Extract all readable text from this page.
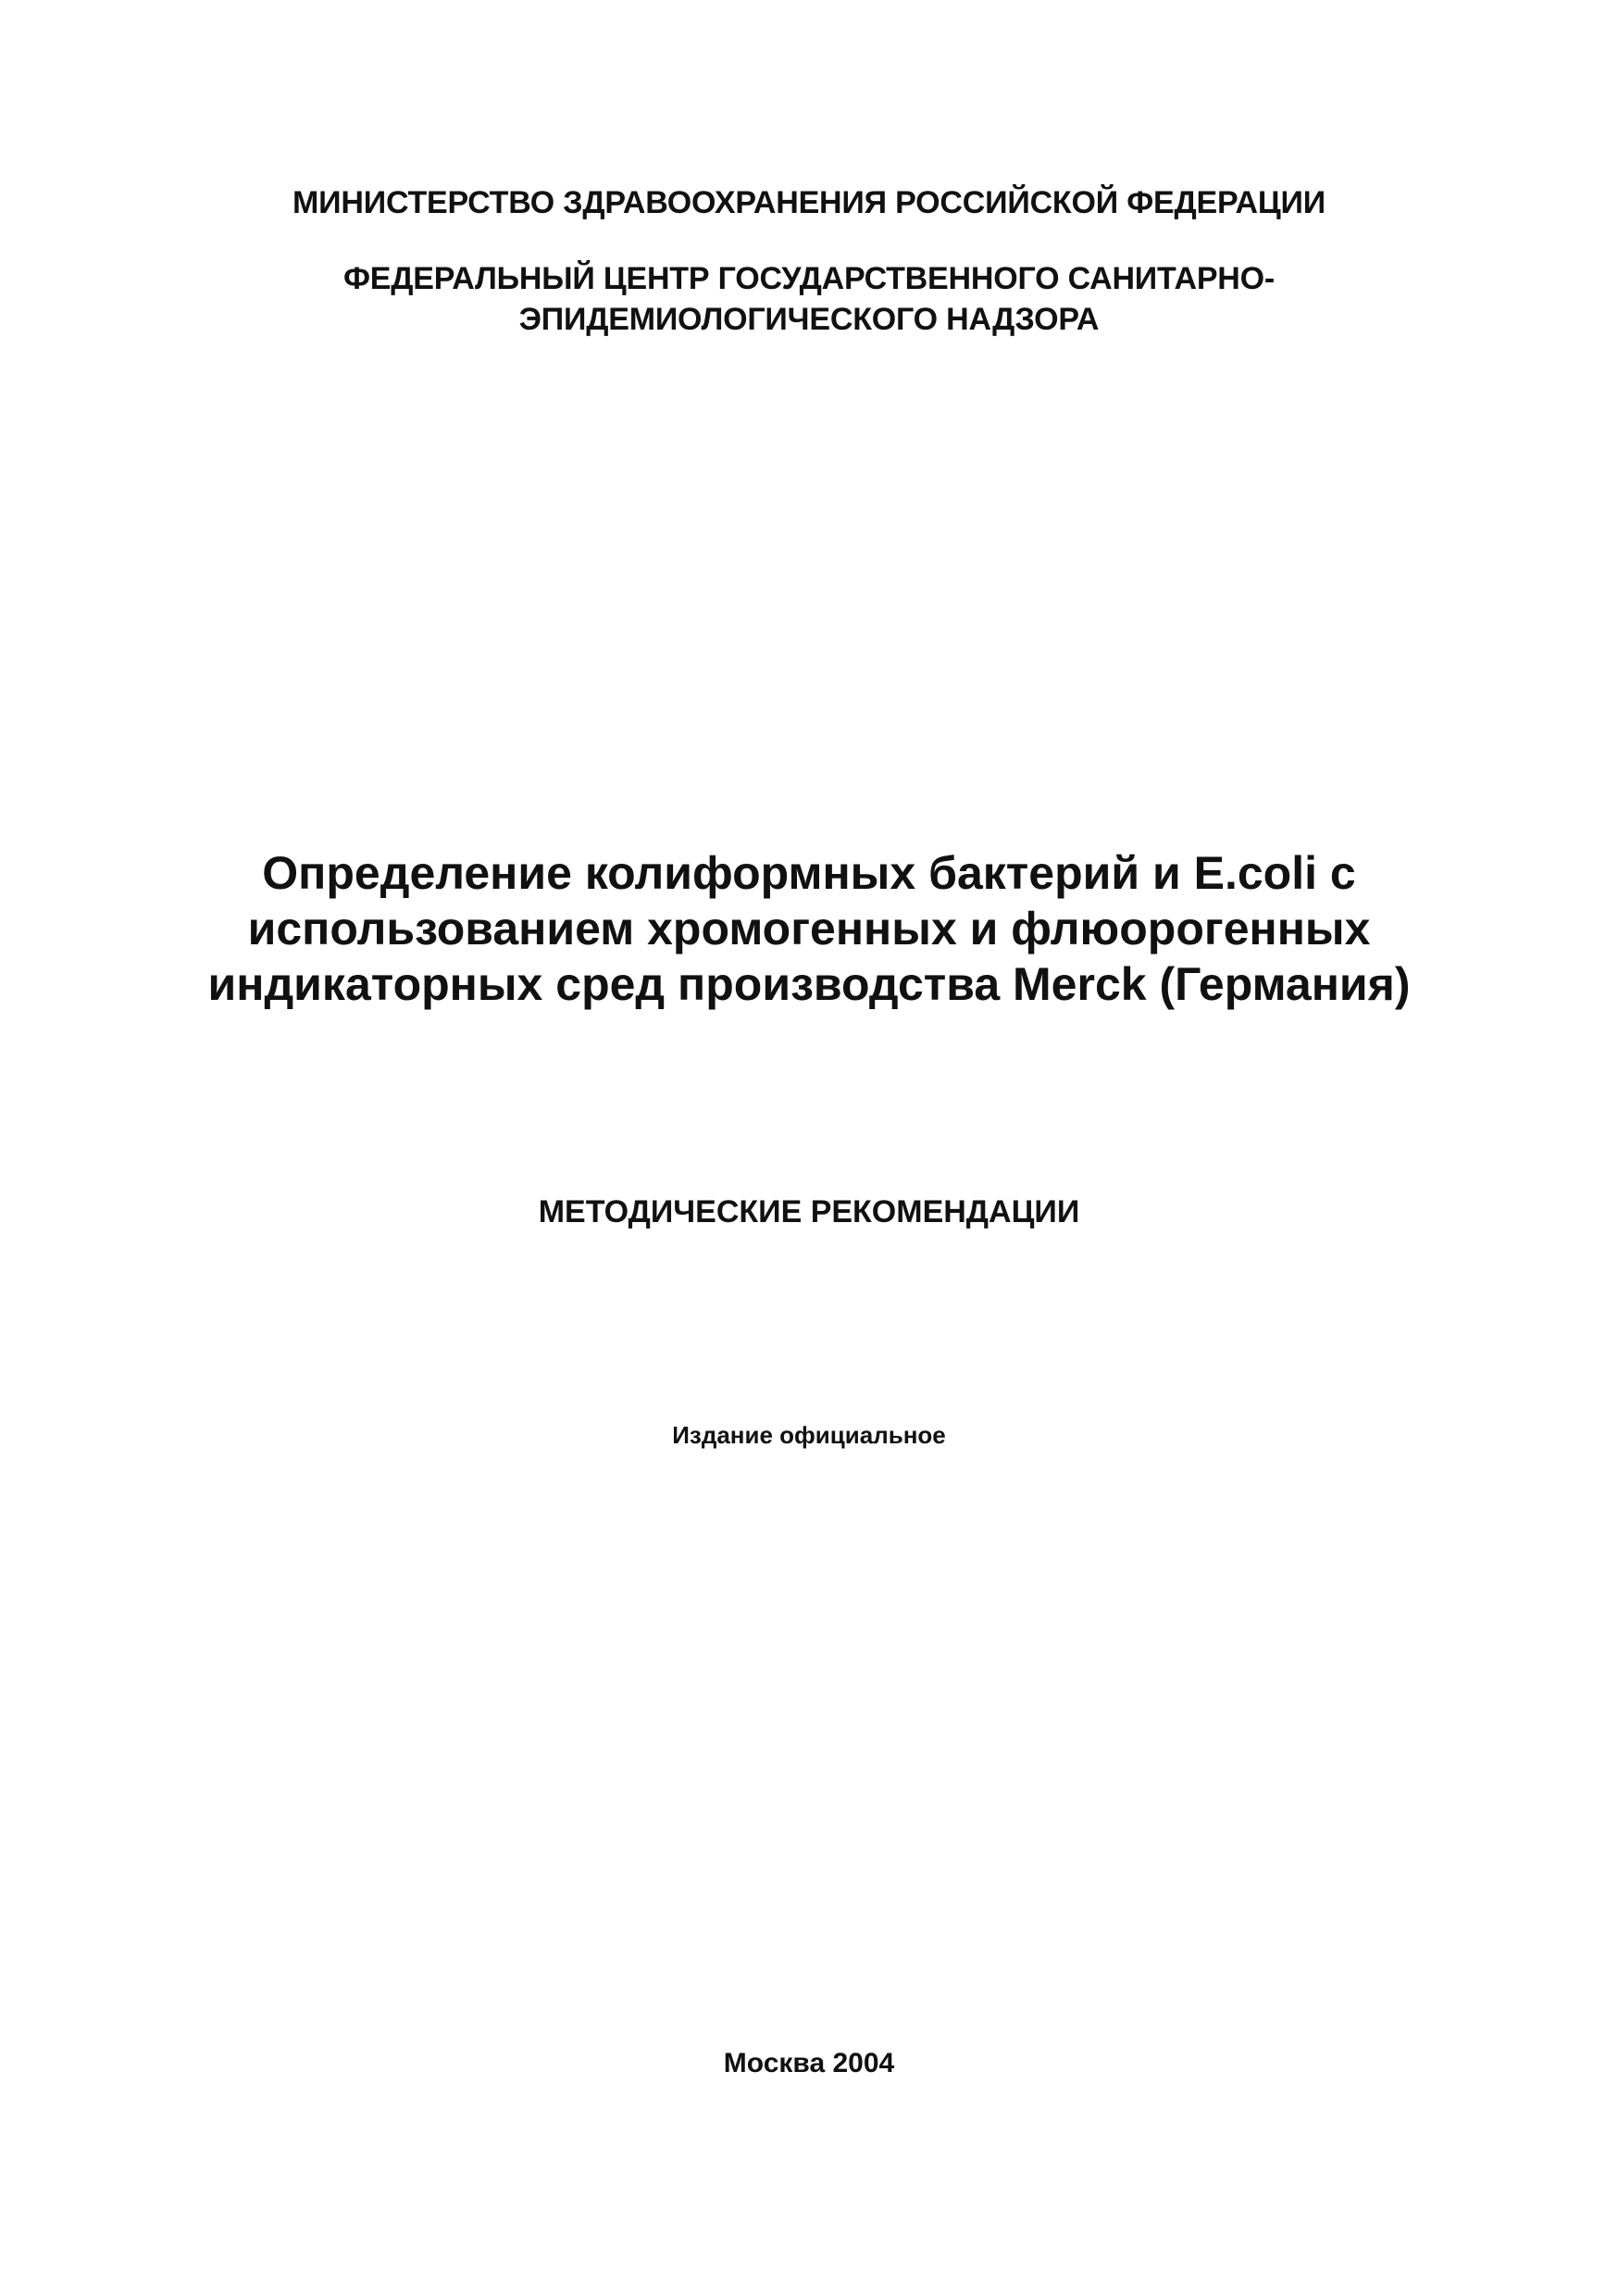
МИНИСТЕРСТВО ЗДРАВООХРАНЕНИЯ РОССИЙСКОЙ ФЕДЕРАЦИИ
ФЕДЕРАЛЬНЫЙ ЦЕНТР ГОСУДАРСТВЕННОГО САНИТАРНО-
ЭПИДЕМИОЛОГИЧЕСКОГО НАДЗОРА
Определение колиформных бактерий и E.coli с
использованием хромогенных и флюорогенных
индикаторных сред производства Merck (Германия)
МЕТОДИЧЕСКИЕ РЕКОМЕНДАЦИИ
Издание официальное
Москва 2004
